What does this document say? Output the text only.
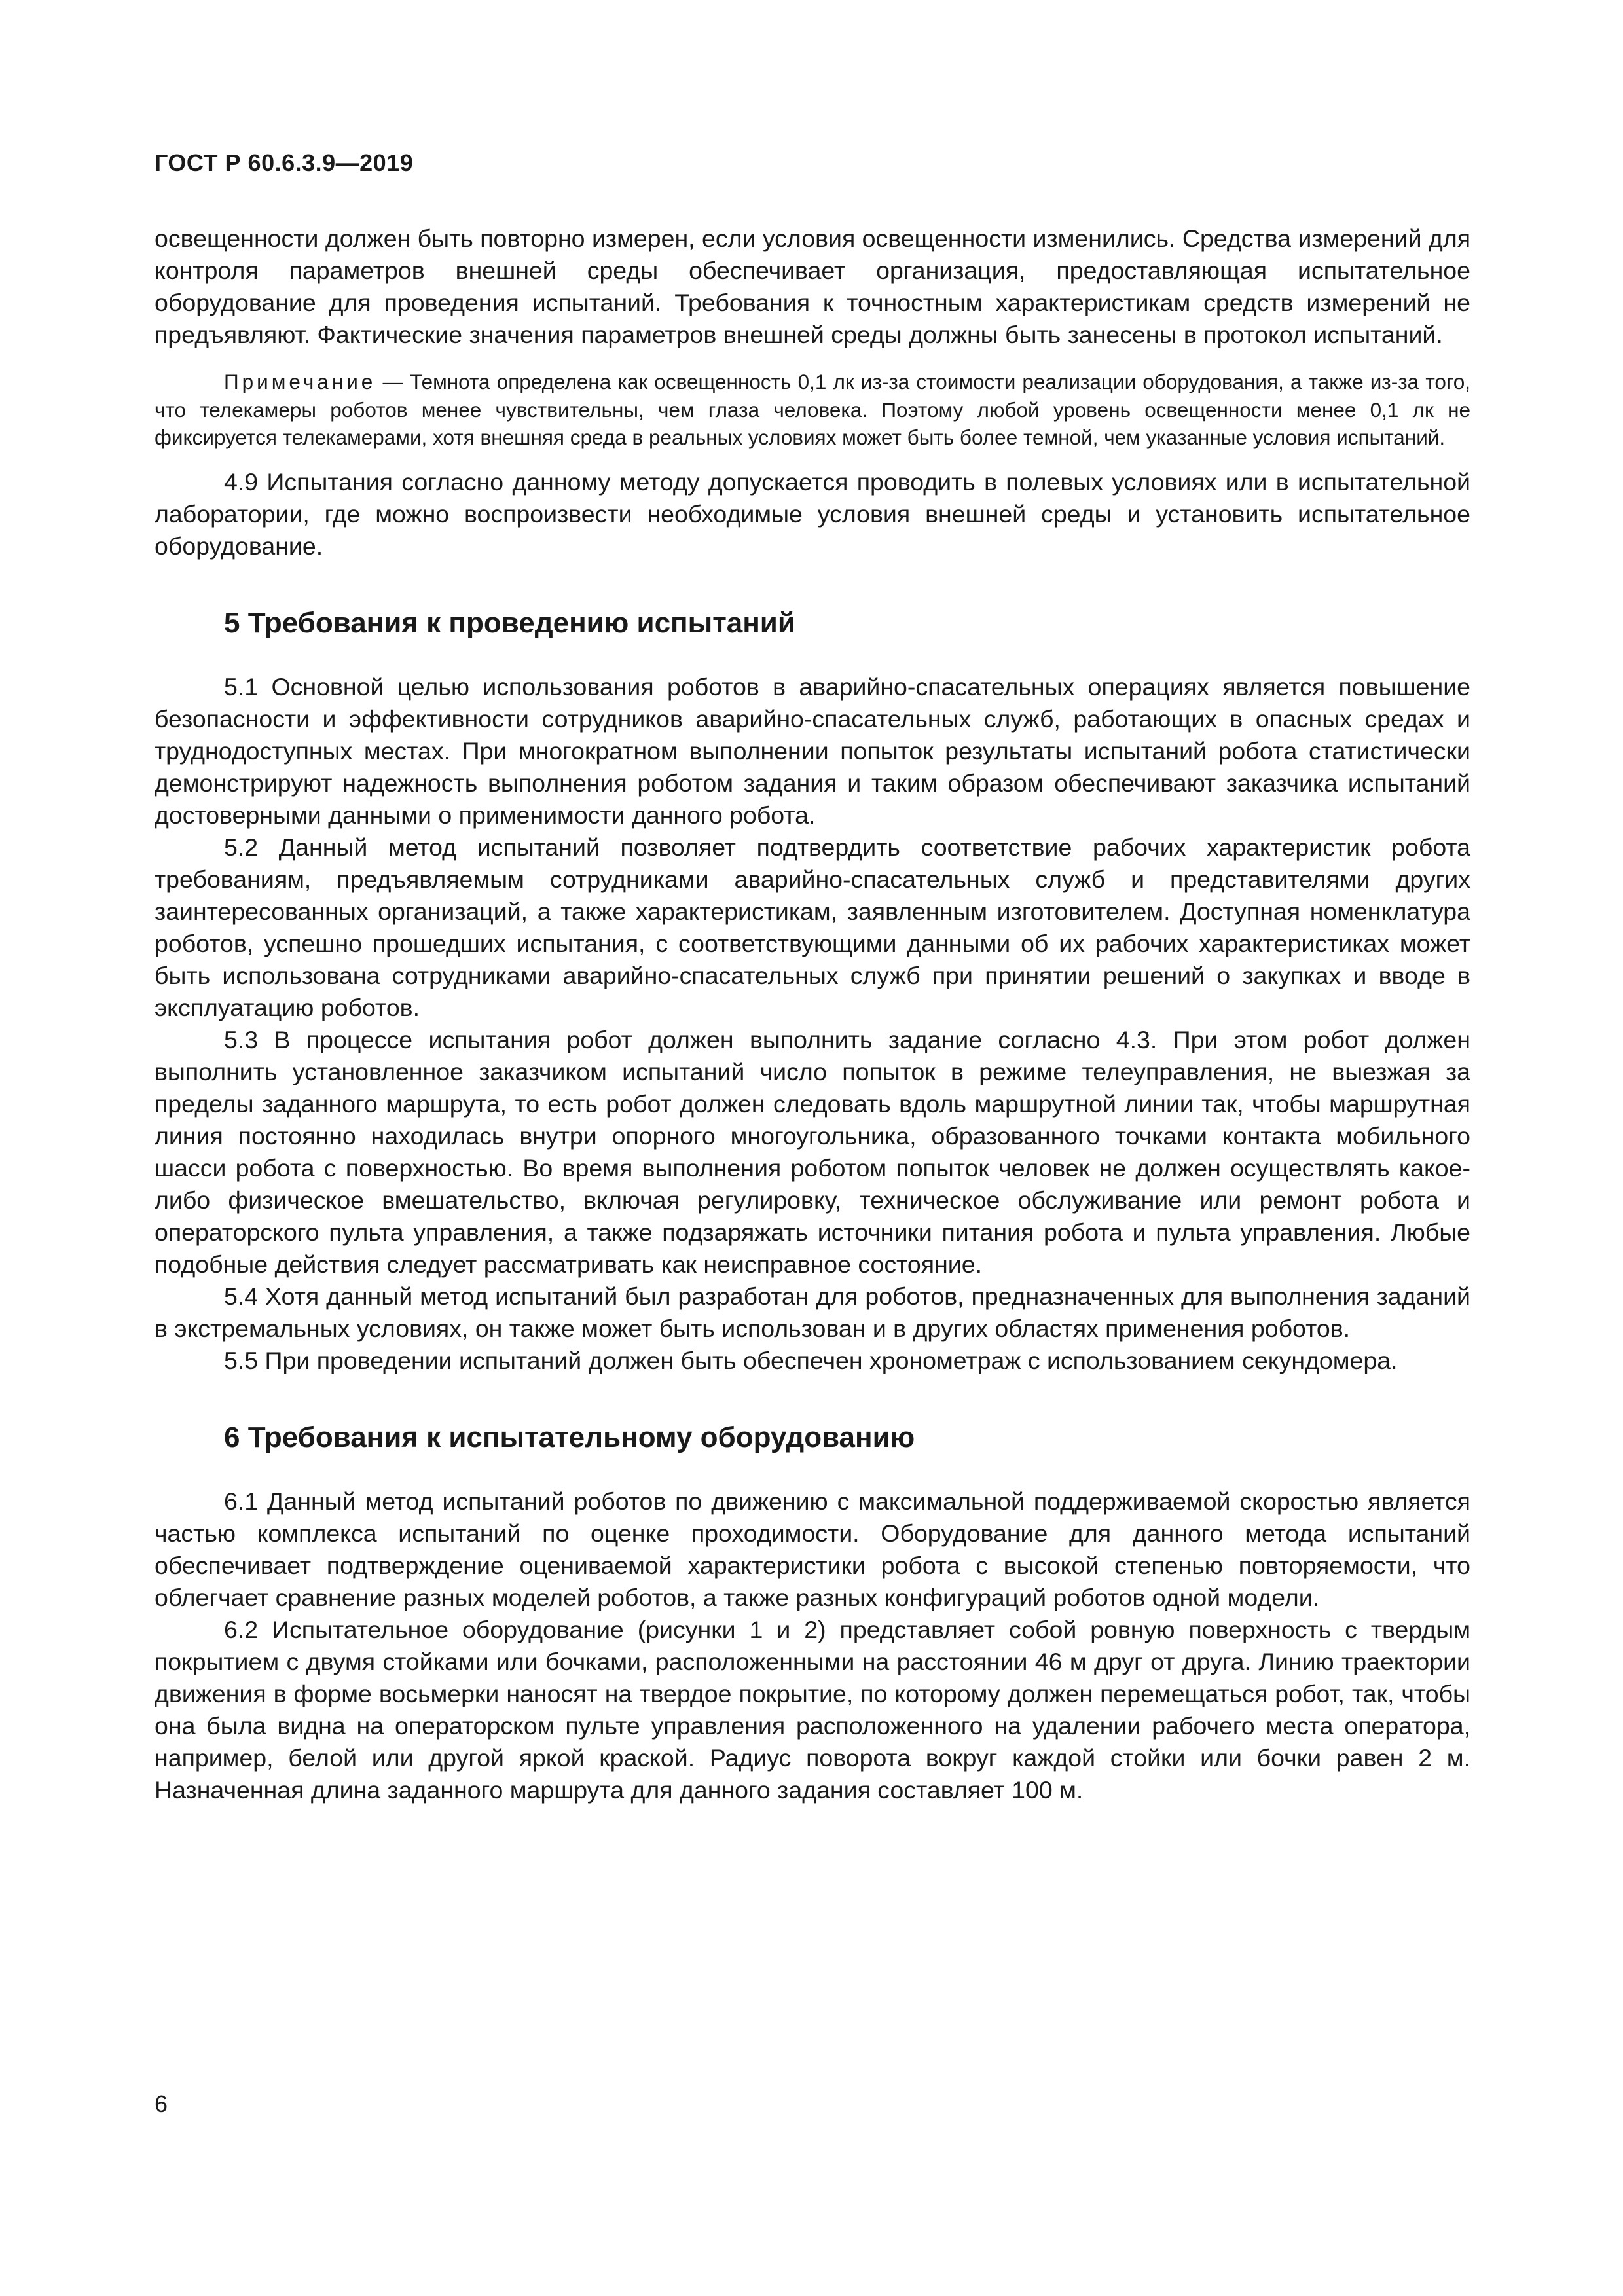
ГОСТ Р 60.6.3.9—2019

освещенности должен быть повторно измерен, если условия освещенности изменились. Средства измерений для контроля параметров внешней среды обеспечивает организация, предоставляющая испытательное оборудование для проведения испытаний. Требования к точностным характеристикам средств измерений не предъявляют. Фактические значения параметров внешней среды должны быть занесены в протокол испытаний.

Примечание — Темнота определена как освещенность 0,1 лк из-за стоимости реализации оборудования, а также из-за того, что телекамеры роботов менее чувствительны, чем глаза человека. Поэтому любой уровень освещенности менее 0,1 лк не фиксируется телекамерами, хотя внешняя среда в реальных условиях может быть более темной, чем указанные условия испытаний.

4.9 Испытания согласно данному методу допускается проводить в полевых условиях или в испытательной лаборатории, где можно воспроизвести необходимые условия внешней среды и установить испытательное оборудование.

5 Требования к проведению испытаний

5.1 Основной целью использования роботов в аварийно-спасательных операциях является повышение безопасности и эффективности сотрудников аварийно-спасательных служб, работающих в опасных средах и труднодоступных местах. При многократном выполнении попыток результаты испытаний робота статистически демонстрируют надежность выполнения роботом задания и таким образом обеспечивают заказчика испытаний достоверными данными о применимости данного робота.

5.2 Данный метод испытаний позволяет подтвердить соответствие рабочих характеристик робота требованиям, предъявляемым сотрудниками аварийно-спасательных служб и представителями других заинтересованных организаций, а также характеристикам, заявленным изготовителем. Доступная номенклатура роботов, успешно прошедших испытания, с соответствующими данными об их рабочих характеристиках может быть использована сотрудниками аварийно-спасательных служб при принятии решений о закупках и вводе в эксплуатацию роботов.

5.3 В процессе испытания робот должен выполнить задание согласно 4.3. При этом робот должен выполнить установленное заказчиком испытаний число попыток в режиме телеуправления, не выезжая за пределы заданного маршрута, то есть робот должен следовать вдоль маршрутной линии так, чтобы маршрутная линия постоянно находилась внутри опорного многоугольника, образованного точками контакта мобильного шасси робота с поверхностью. Во время выполнения роботом попыток человек не должен осуществлять какое-либо физическое вмешательство, включая регулировку, техническое обслуживание или ремонт робота и операторского пульта управления, а также подзаряжать источники питания робота и пульта управления. Любые подобные действия следует рассматривать как неисправное состояние.

5.4 Хотя данный метод испытаний был разработан для роботов, предназначенных для выполнения заданий в экстремальных условиях, он также может быть использован и в других областях применения роботов.

5.5 При проведении испытаний должен быть обеспечен хронометраж с использованием секундомера.

6 Требования к испытательному оборудованию

6.1 Данный метод испытаний роботов по движению с максимальной поддерживаемой скоростью является частью комплекса испытаний по оценке проходимости. Оборудование для данного метода испытаний обеспечивает подтверждение оцениваемой характеристики робота с высокой степенью повторяемости, что облегчает сравнение разных моделей роботов, а также разных конфигураций роботов одной модели.

6.2 Испытательное оборудование (рисунки 1 и 2) представляет собой ровную поверхность с твердым покрытием с двумя стойками или бочками, расположенными на расстоянии 46 м друг от друга. Линию траектории движения в форме восьмерки наносят на твердое покрытие, по которому должен перемещаться робот, так, чтобы она была видна на операторском пульте управления расположенного на удалении рабочего места оператора, например, белой или другой яркой краской. Радиус поворота вокруг каждой стойки или бочки равен 2 м. Назначенная длина заданного маршрута для данного задания составляет 100 м.

6
